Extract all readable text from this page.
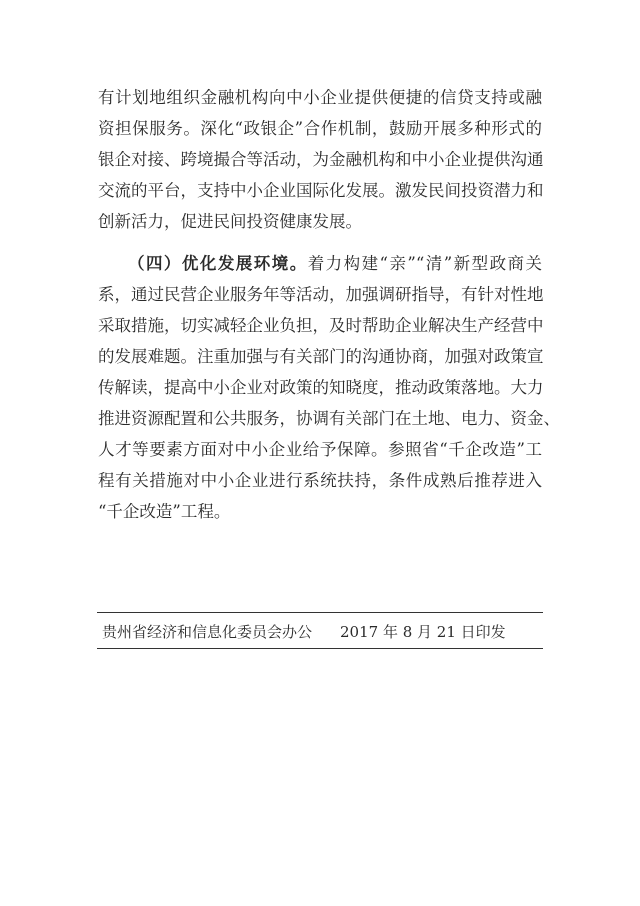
有计划地组织金融机构向中小企业提供便捷的信贷支持或融
资担保服务。深化“政银企”合作机制，鼓励开展多种形式的
银企对接、跨境撮合等活动，为金融机构和中小企业提供沟通
交流的平台，支持中小企业国际化发展。激发民间投资潜力和
创新活力，促进民间投资健康发展。
（四）优化发展环境。着力构建“亲”“清”新型政商关
系，通过民营企业服务年等活动，加强调研指导，有针对性地
采取措施，切实减轻企业负担，及时帮助企业解决生产经营中
的发展难题。注重加强与有关部门的沟通协商，加强对政策宣
传解读，提高中小企业对政策的知晓度，推动政策落地。大力
推进资源配置和公共服务，协调有关部门在土地、电力、资金、
人才等要素方面对中小企业给予保障。参照省“千企改造”工
程有关措施对中小企业进行系统扶持，条件成熟后推荐进入
“千企改造”工程。
贵州省经济和信息化委员会办公 2017 年 8 月 21 日印发
